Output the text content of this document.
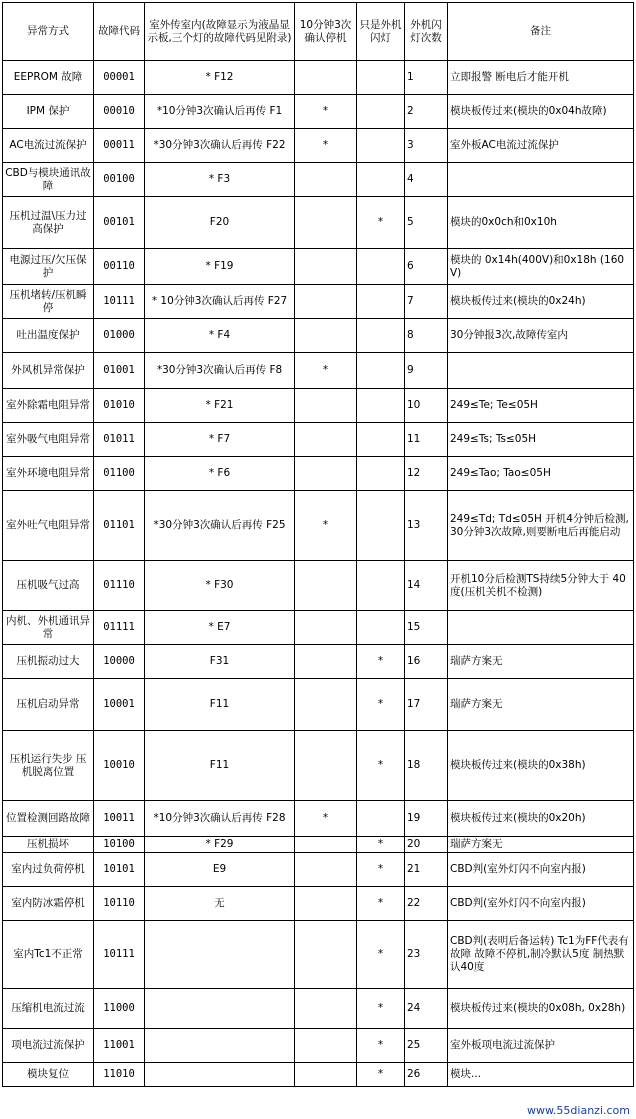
异常方式	故障代码	室外传室内(故障显示为液晶显示板,三个灯的故障代码见附录)	10分钟3次确认停机	只是外机闪灯	外机闪灯次数	备注
EEPROM 故障	00001	* F12			1	立即报警 断电后才能开机
IPM 保护	00010	*10分钟3次确认后再传 F1	*		2	模块板传过来(模块的0x04h故障)
AC电流过流保护	00011	*30分钟3次确认后再传 F22	*		3	室外板AC电流过流保护
CBD与模块通讯故障	00100	* F3			4	
压机过温\压力过高保护	00101	F20		*	5	模块的0x0ch和0x10h
电源过压/欠压保护	00110	* F19			6	模块的 0x14h(400V)和0x18h (160V)
压机堵转/压机瞬停	10111	* 10分钟3次确认后再传 F27			7	模块板传过来(模块的0x24h)
吐出温度保护	01000	* F4			8	30分钟报3次,故障传室内
外风机异常保护	01001	*30分钟3次确认后再传 F8	*		9	
室外除霜电阻异常	01010	* F21			10	249≤Te; Te≤05H
室外吸气电阻异常	01011	* F7			11	249≤Ts; Ts≤05H
室外环境电阻异常	01100	* F6			12	249≤Tao; Tao≤05H
室外吐气电阻异常	01101	*30分钟3次确认后再传 F25	*		13	249≤Td; Td≤05H 开机4分钟后检测,30分钟3次故障,则要断电后再能启动
压机吸气过高	01110	* F30			14	开机10分后检测TS持续5分钟大于 40度(压机关机不检测)
内机、外机通讯异常	01111	* E7			15	
压机振动过大	10000	F31		*	16	瑞萨方案无
压机启动异常	10001	F11		*	17	瑞萨方案无
压机运行失步 压机脱离位置	10010	F11		*	18	模块板传过来(模块的0x38h)
位置检测回路故障	10011	*10分钟3次确认后再传 F28	*		19	模块板传过来(模块的0x20h)
压机损坏	10100	* F29		*	20	瑞萨方案无
室内过负荷停机	10101	E9		*	21	CBD判(室外灯闪不向室内报)
室内防冰霜停机	10110	无		*	22	CBD判(室外灯闪不向室内报)
室内Tc1不正常	10111			*	23	CBD判(表明后备运转) Tc1为FF代表有故障 故障不停机,制冷默认5度 制热默认40度
压缩机电流过流	11000			*	24	模块板传过来(模块的0x08h, 0x28h)
项电流过流保护	11001			*	25	室外板项电流过流保护
模块复位	11010			*	26	模块...
www.55dianzi.com
